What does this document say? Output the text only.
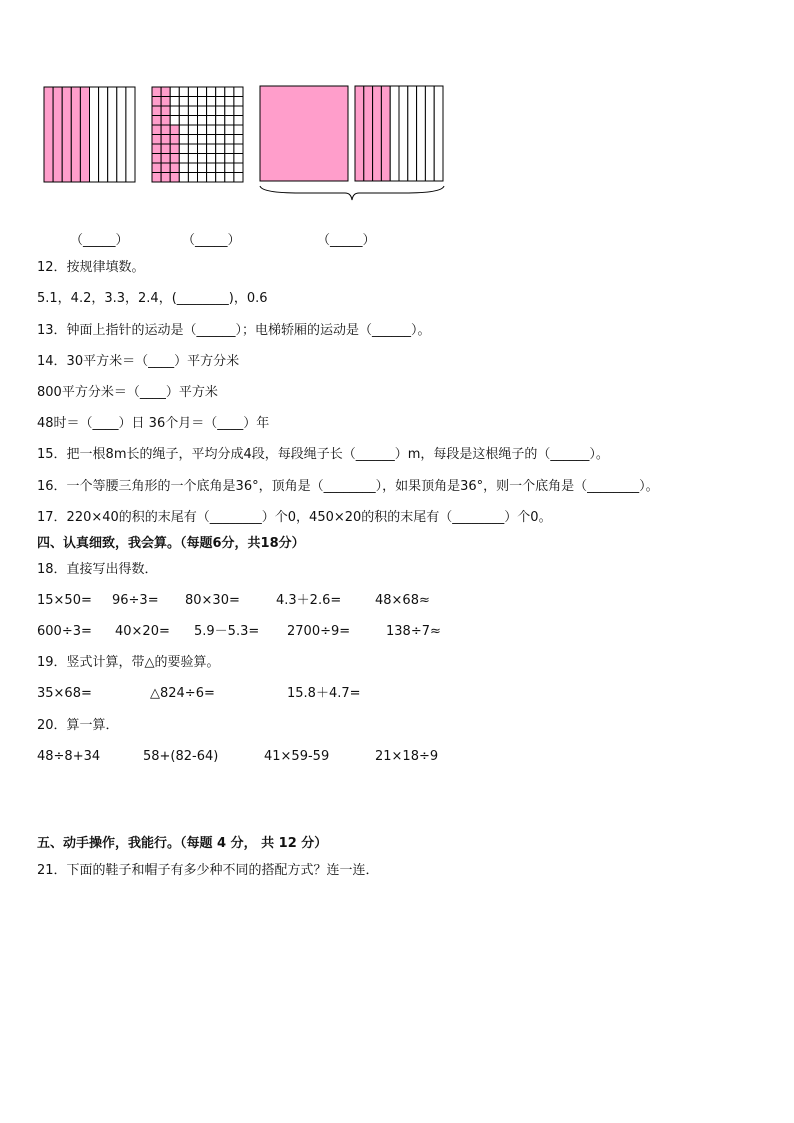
（_____）	（_____）	（_____）
12．按规律填数。
5.1，4.2，3.3，2.4，(________)，0.6
13．钟面上指针的运动是（______）；电梯轿厢的运动是（______）。
14．30平方米＝（____）平方分米
800平方分米＝（____）平方米
48时＝（____）日 36个月＝（____）年
15．把一根8m长的绳子，平均分成4段，每段绳子长（______）m，每段是这根绳子的（______）。
16．一个等腰三角形的一个底角是36°，顶角是（________），如果顶角是36°，则一个底角是（________）。
17．220×40的积的末尾有（________）个0，450×20的积的末尾有（________）个0。
四、认真细致，我会算。（每题6分，共18分）
18．直接写出得数．
15×50= 96÷3= 80×30=	4.3＋2.6=	48×68≈
600÷3= 40×20= 5.9－5.3= 2700÷9=	138÷7≈
19．竖式计算，带△的要验算。
35×68=	△824÷6=	15.8＋4.7=
20．算一算．
48÷8+34	58+(82-64)	41×59-59	21×18÷9
五、动手操作，我能行。（每题 4 分， 共 12 分）
21．下面的鞋子和帽子有多少种不同的搭配方式？连一连．
